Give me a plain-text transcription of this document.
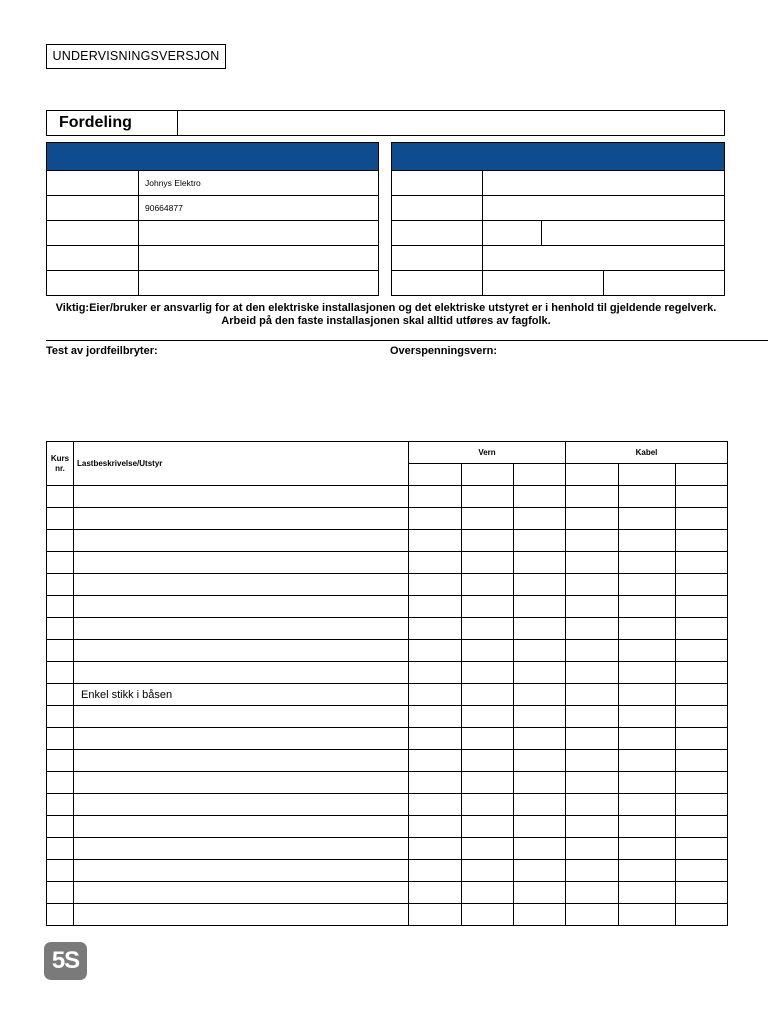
UNDERVISNINGSVERSJON
Fordeling

	Johnys Elektro
	90664877

Viktig:Eier/bruker er ansvarlig for at den elektriske installasjonen og det elektriske utstyret er i henhold til gjeldende regelverk. Arbeid på den faste installasjonen skal alltid utføres av fagfolk.
Test av jordfeilbryter:	Overspenningsvern:
Kurs nr.	Lastbeskrivelse/Utstyr	Vern			Kabel		

	Enkel stikk i båsen						

5S
